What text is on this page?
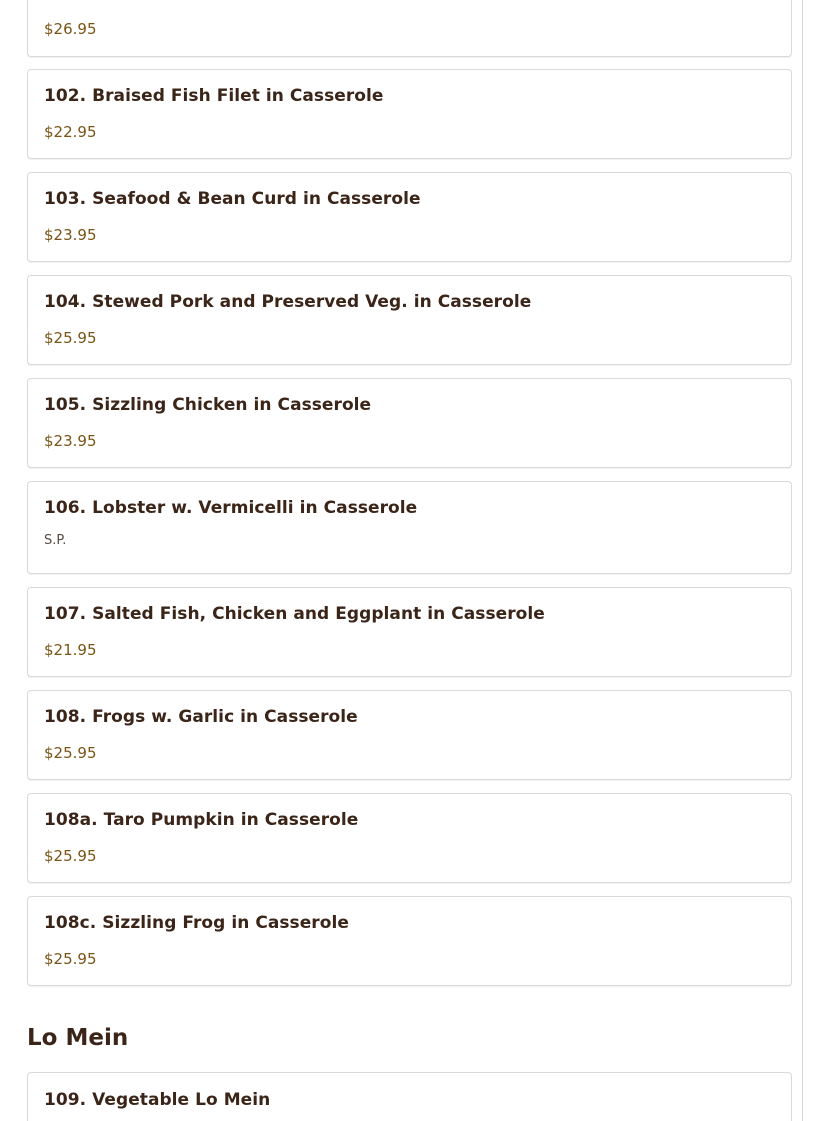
$26.95
102. Braised Fish Filet in Casserole
$22.95
103. Seafood & Bean Curd in Casserole
$23.95
104. Stewed Pork and Preserved Veg. in Casserole
$25.95
105. Sizzling Chicken in Casserole
$23.95
106. Lobster w. Vermicelli in Casserole
S.P.
107. Salted Fish, Chicken and Eggplant in Casserole
$21.95
108. Frogs w. Garlic in Casserole
$25.95
108a. Taro Pumpkin in Casserole
$25.95
108c. Sizzling Frog in Casserole
$25.95
Lo Mein
109. Vegetable Lo Mein
